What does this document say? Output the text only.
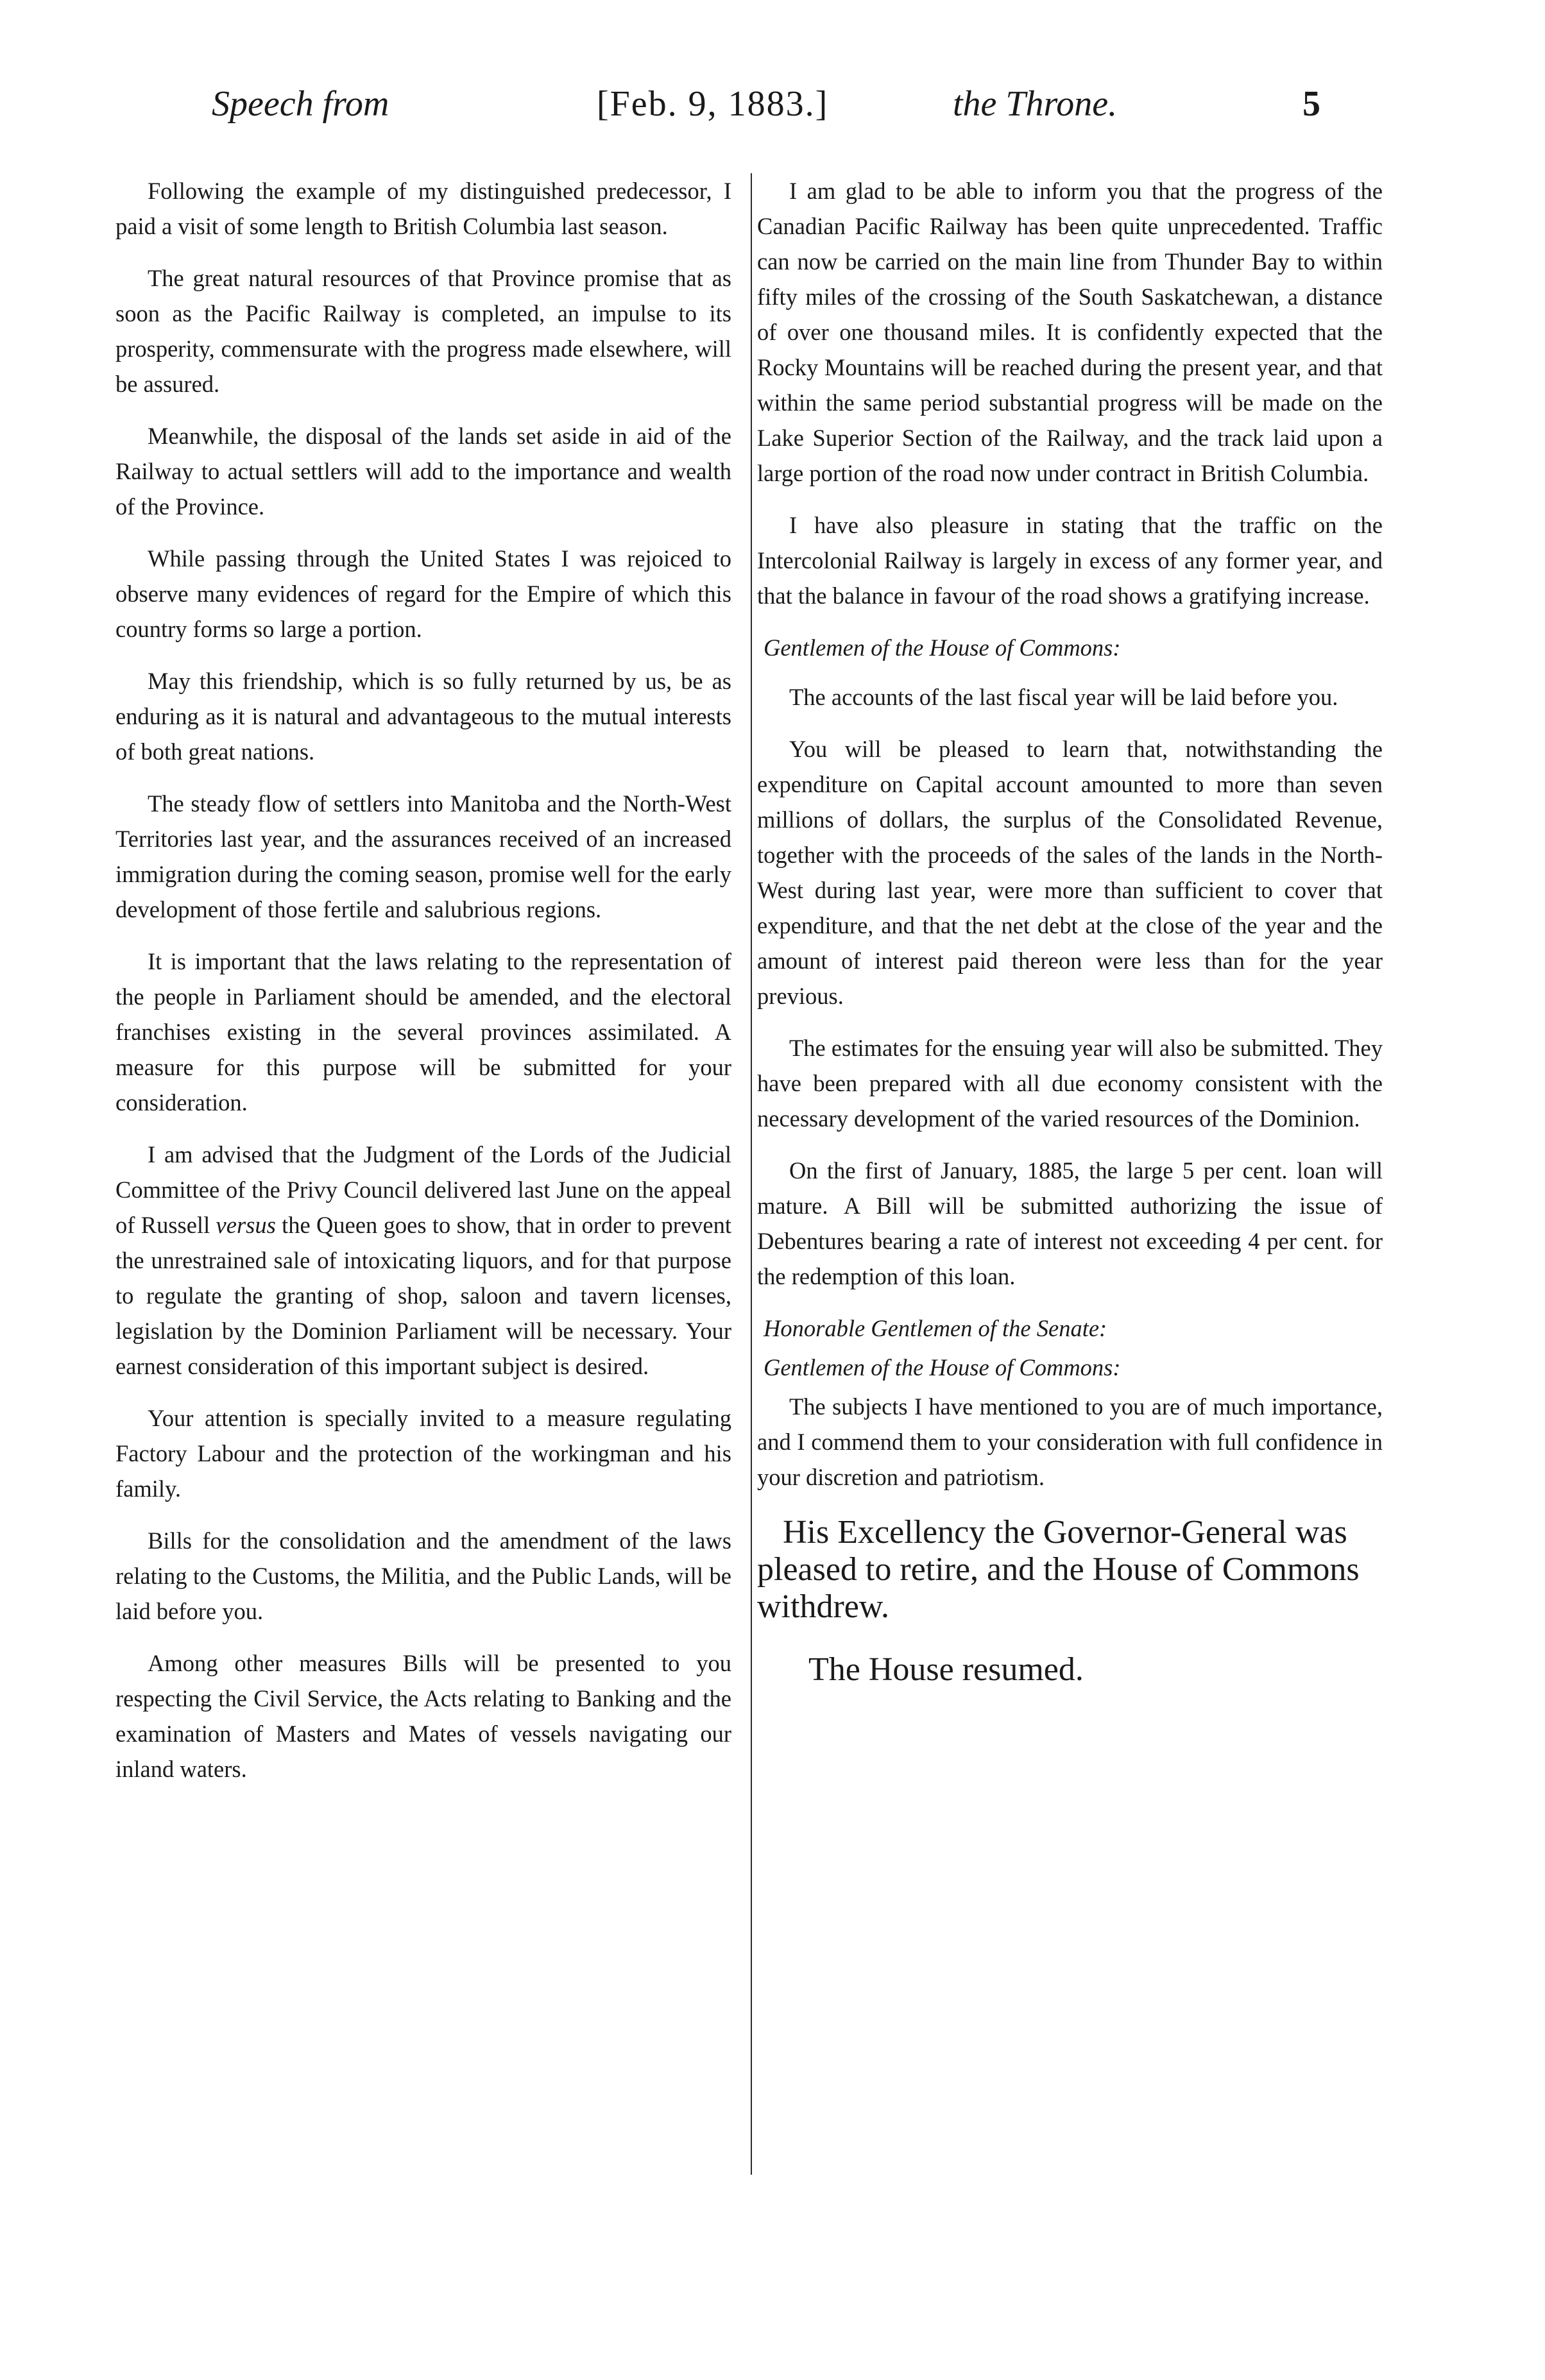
Speech from	[Feb. 9, 1883.]	the Throne.	5

Following the example of my distinguished predecessor, I paid a visit of some length to British Columbia last season.

The great natural resources of that Province promise that as soon as the Pacific Railway is completed, an impulse to its prosperity, commensurate with the progress made elsewhere, will be assured.

Meanwhile, the disposal of the lands set aside in aid of the Railway to actual settlers will add to the importance and wealth of the Province.

While passing through the United States I was rejoiced to observe many evidences of regard for the Empire of which this country forms so large a portion.

May this friendship, which is so fully returned by us, be as enduring as it is natural and advantageous to the mutual interests of both great nations.

The steady flow of settlers into Manitoba and the North-West Territories last year, and the assurances received of an increased immigration during the coming season, promise well for the early development of those fertile and salubrious regions.

It is important that the laws relating to the representation of the people in Parliament should be amended, and the electoral franchises existing in the several provinces assimilated. A measure for this purpose will be submitted for your consideration.

I am advised that the Judgment of the Lords of the Judicial Committee of the Privy Council delivered last June on the appeal of Russell versus the Queen goes to show, that in order to prevent the unrestrained sale of intoxicating liquors, and for that purpose to regulate the granting of shop, saloon and tavern licenses, legislation by the Dominion Parliament will be necessary. Your earnest consideration of this important subject is desired.

Your attention is specially invited to a measure regulating Factory Labour and the protection of the workingman and his family.

Bills for the consolidation and the amendment of the laws relating to the Customs, the Militia, and the Public Lands, will be laid before you.

Among other measures Bills will be presented to you respecting the Civil Service, the Acts relating to Banking and the examination of Masters and Mates of vessels navigating our inland waters.

I am glad to be able to inform you that the progress of the Canadian Pacific Railway has been quite unprecedented. Traffic can now be carried on the main line from Thunder Bay to within fifty miles of the crossing of the South Saskatchewan, a distance of over one thousand miles. It is confidently expected that the Rocky Mountains will be reached during the present year, and that within the same period substantial progress will be made on the Lake Superior Section of the Railway, and the track laid upon a large portion of the road now under contract in British Columbia.

I have also pleasure in stating that the traffic on the Intercolonial Railway is largely in excess of any former year, and that the balance in favour of the road shows a gratifying increase.

Gentlemen of the House of Commons:

The accounts of the last fiscal year will be laid before you.

You will be pleased to learn that, notwithstanding the expenditure on Capital account amounted to more than seven millions of dollars, the surplus of the Consolidated Revenue, together with the proceeds of the sales of the lands in the North-West during last year, were more than sufficient to cover that expenditure, and that the net debt at the close of the year and the amount of interest paid thereon were less than for the year previous.

The estimates for the ensuing year will also be submitted. They have been prepared with all due economy consistent with the necessary development of the varied resources of the Dominion.

On the first of January, 1885, the large 5 per cent. loan will mature. A Bill will be submitted authorizing the issue of Debentures bearing a rate of interest not exceeding 4 per cent. for the redemption of this loan.

Honorable Gentlemen of the Senate:

Gentlemen of the House of Commons:

The subjects I have mentioned to you are of much importance, and I commend them to your consideration with full confidence in your discretion and patriotism.

His Excellency the Governor-General was pleased to retire, and the House of Commons withdrew.

The House resumed.
